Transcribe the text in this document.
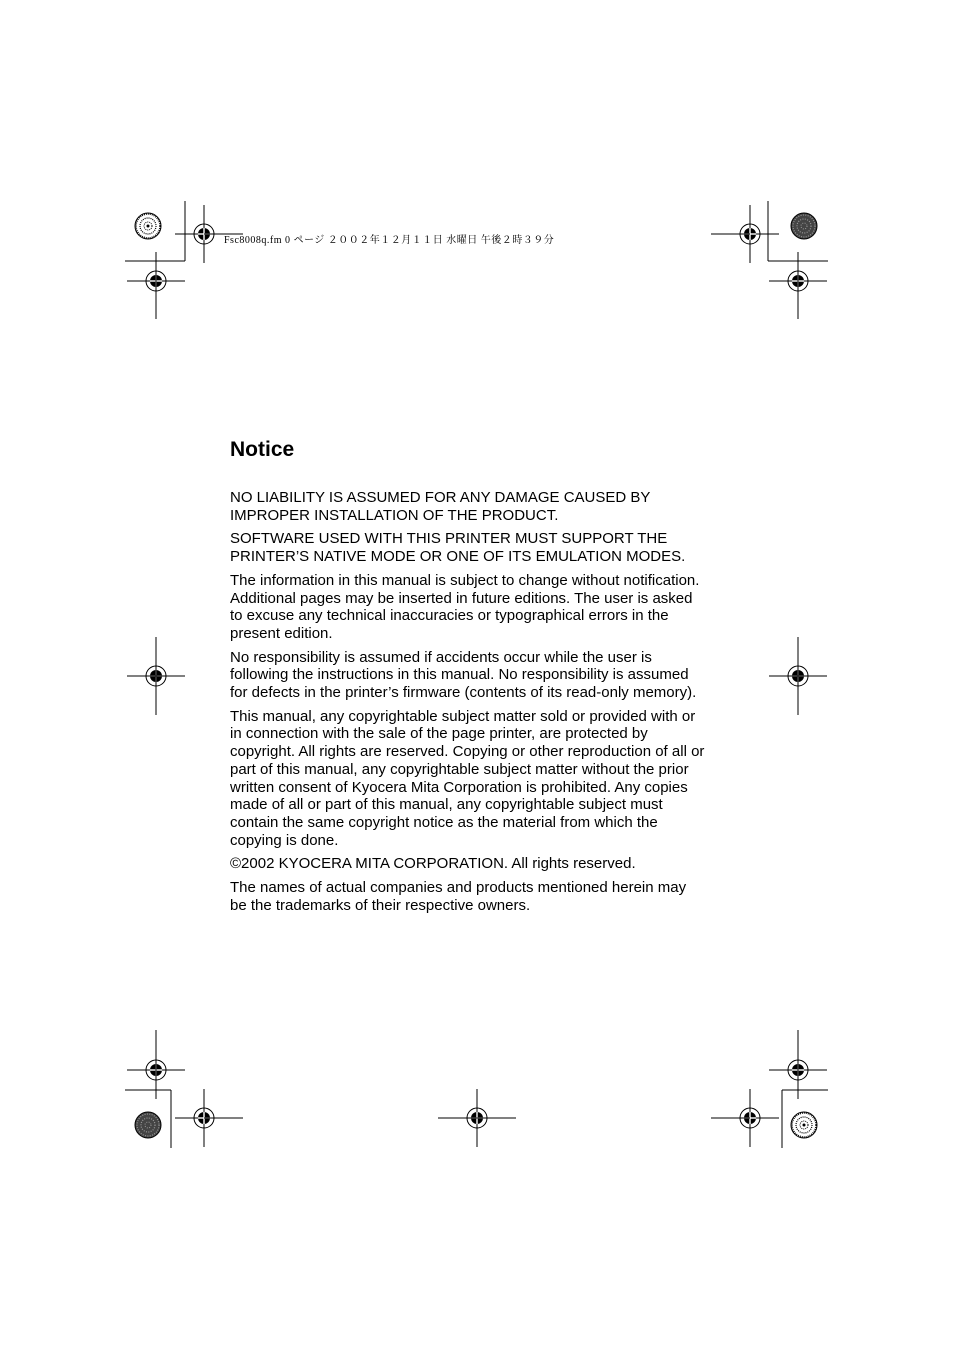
Fsc8008q.fm 0 ページ ２００２年１２月１１日 水曜日 午後２時３９分
Notice

NO LIABILITY IS ASSUMED FOR ANY DAMAGE CAUSED BY IMPROPER INSTALLATION OF THE PRODUCT.

SOFTWARE USED WITH THIS PRINTER MUST SUPPORT THE PRINTER’S NATIVE MODE OR ONE OF ITS EMULATION MODES.

The information in this manual is subject to change without notification. Additional pages may be inserted in future editions. The user is asked to excuse any technical inaccuracies or typographical errors in the present edition.

No responsibility is assumed if accidents occur while the user is following the instructions in this manual. No responsibility is assumed for defects in the printer’s firmware (contents of its read-only memory).

This manual, any copyrightable subject matter sold or provided with or in connection with the sale of the page printer, are protected by copyright. All rights are reserved. Copying or other reproduction of all or part of this manual, any copyrightable subject matter without the prior written consent of Kyocera Mita Corporation is prohibited. Any copies made of all or part of this manual, any copyrightable subject must contain the same copyright notice as the material from which the copying is done.

©2002 KYOCERA MITA CORPORATION. All rights reserved.

The names of actual companies and products mentioned herein may be the trademarks of their respective owners.
